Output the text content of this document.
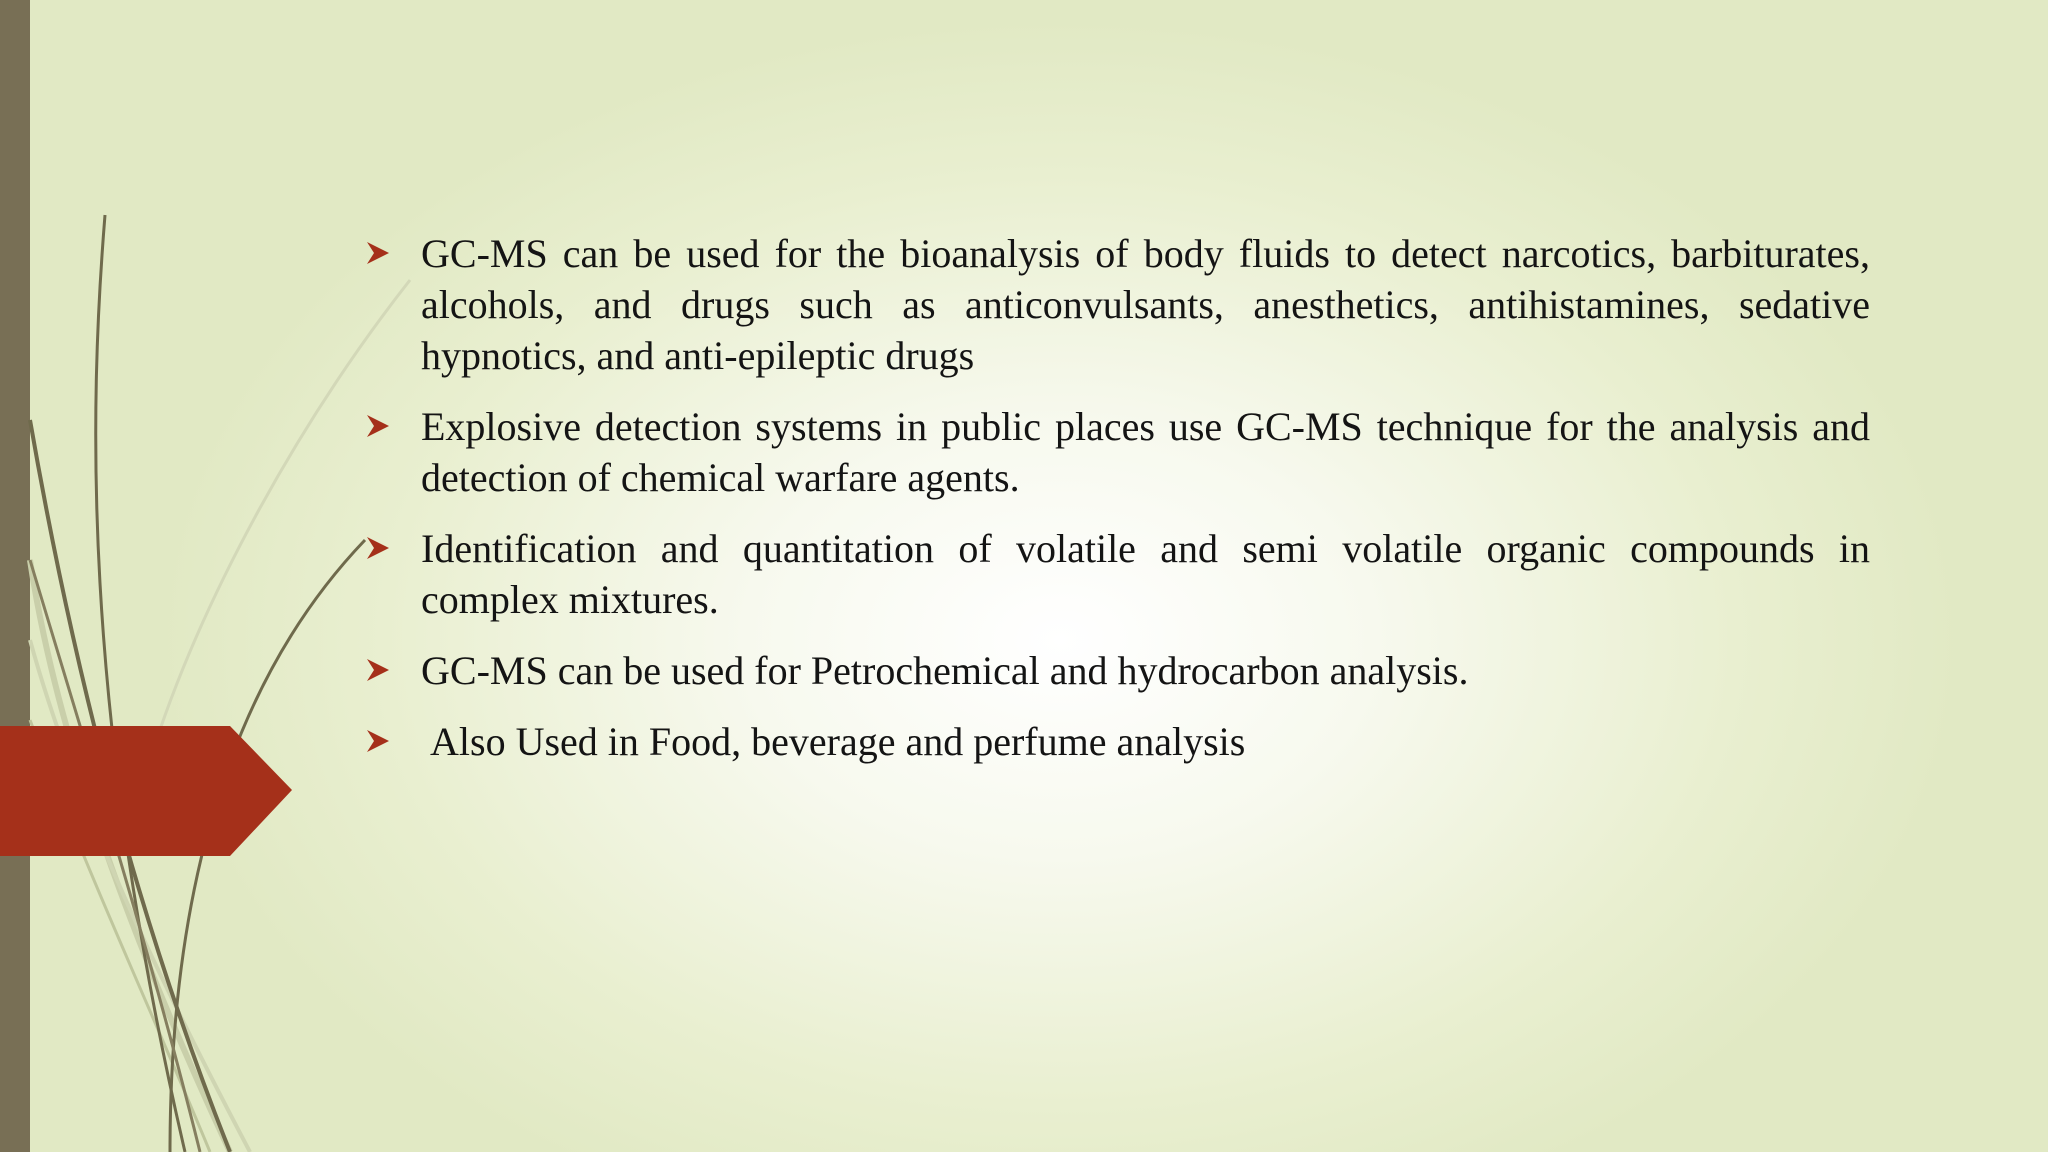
GC-MS can be used for the bioanalysis of body fluids to detect narcotics, barbiturates, alcohols, and drugs such as anticonvulsants, anesthetics, antihistamines, sedative hypnotics, and anti-epileptic drugs
Explosive detection systems in public places use GC-MS technique for the analysis and detection of chemical warfare agents.
Identification and quantitation of volatile and semi volatile organic compounds in complex mixtures.
GC-MS can be used for Petrochemical and hydrocarbon analysis.
Also Used in Food, beverage and perfume analysis
